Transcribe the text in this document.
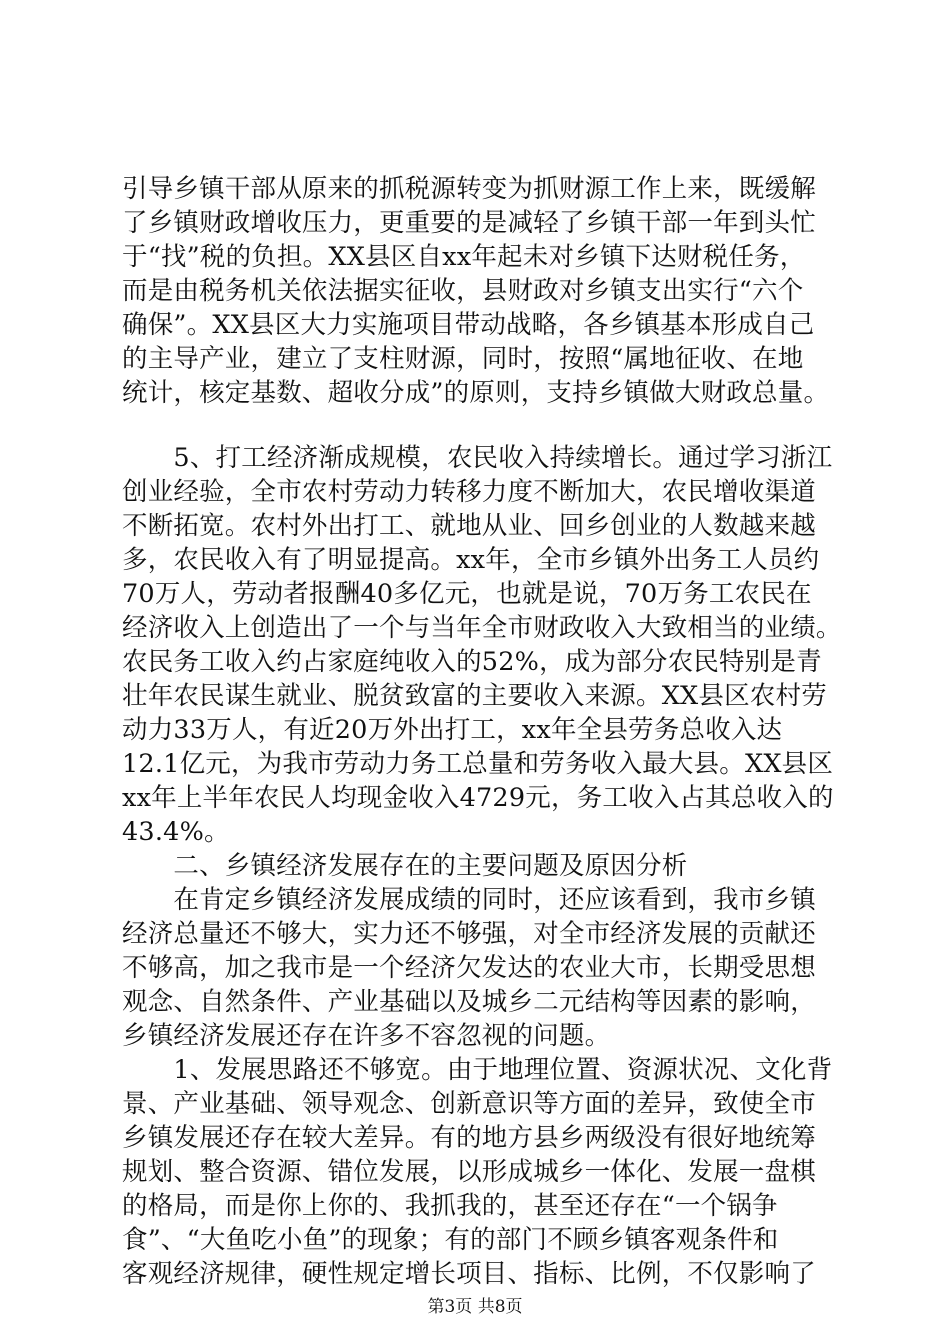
引导乡镇干部从原来的抓税源转变为抓财源工作上来，既缓解
了乡镇财政增收压力，更重要的是减轻了乡镇干部一年到头忙
于“找”税的负担。XX县区自xx年起未对乡镇下达财税任务，
而是由税务机关依法据实征收，县财政对乡镇支出实行“六个
确保”。XX县区大力实施项目带动战略，各乡镇基本形成自己
的主导产业，建立了支柱财源，同时，按照“属地征收、在地
统计，核定基数、超收分成”的原则，支持乡镇做大财政总量。
　　5、打工经济渐成规模，农民收入持续增长。通过学习浙江
创业经验，全市农村劳动力转移力度不断加大，农民增收渠道
不断拓宽。农村外出打工、就地从业、回乡创业的人数越来越
多，农民收入有了明显提高。xx年，全市乡镇外出务工人员约
70万人，劳动者报酬40多亿元，也就是说，70万务工农民在
经济收入上创造出了一个与当年全市财政收入大致相当的业绩。
农民务工收入约占家庭纯收入的52%，成为部分农民特别是青
壮年农民谋生就业、脱贫致富的主要收入来源。XX县区农村劳
动力33万人，有近20万外出打工，xx年全县劳务总收入达
12.1亿元，为我市劳动力务工总量和劳务收入最大县。XX县区
xx年上半年农民人均现金收入4729元，务工收入占其总收入的
43.4%。
　　二、乡镇经济发展存在的主要问题及原因分析
　　在肯定乡镇经济发展成绩的同时，还应该看到，我市乡镇
经济总量还不够大，实力还不够强，对全市经济发展的贡献还
不够高，加之我市是一个经济欠发达的农业大市，长期受思想
观念、自然条件、产业基础以及城乡二元结构等因素的影响，
乡镇经济发展还存在许多不容忽视的问题。
　　1、发展思路还不够宽。由于地理位置、资源状况、文化背
景、产业基础、领导观念、创新意识等方面的差异，致使全市
乡镇发展还存在较大差异。有的地方县乡两级没有很好地统筹
规划、整合资源、错位发展，以形成城乡一体化、发展一盘棋
的格局，而是你上你的、我抓我的，甚至还存在“一个锅争
食”、“大鱼吃小鱼”的现象；有的部门不顾乡镇客观条件和
客观经济规律，硬性规定增长项目、指标、比例，不仅影响了
第3页 共8页
